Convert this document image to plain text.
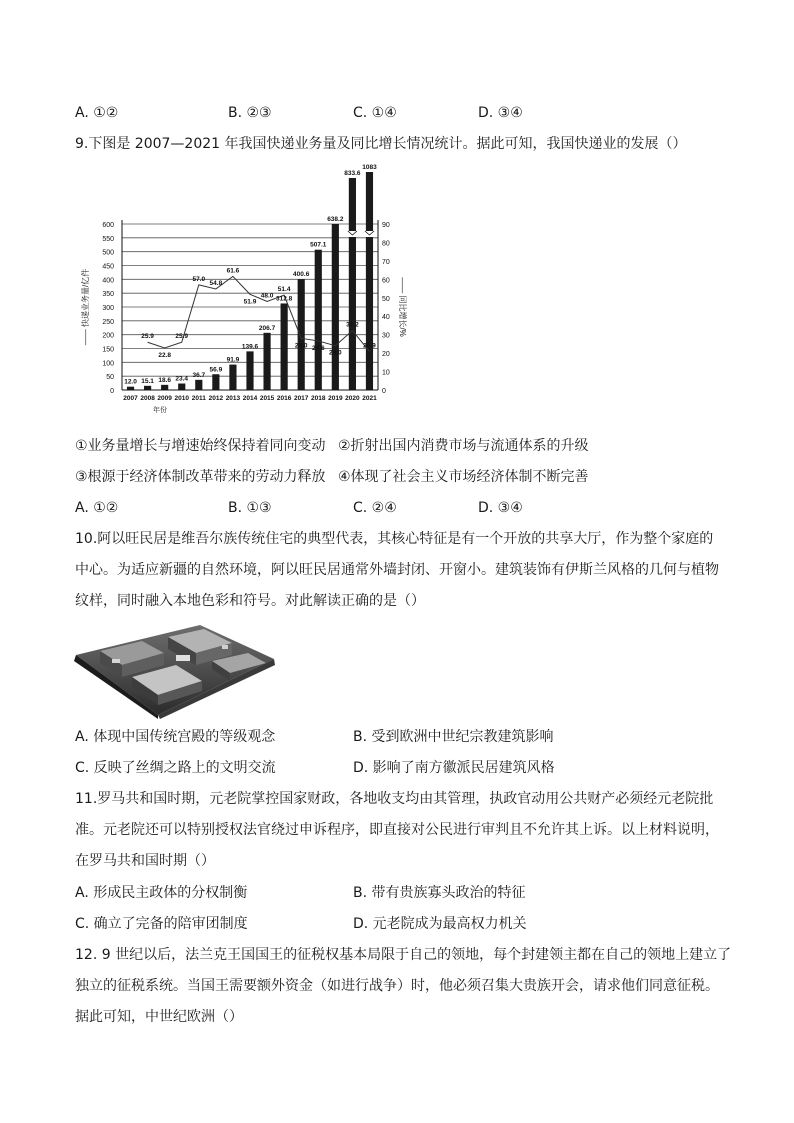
A. ①②	B. ②③	C. ①④	D. ③④
9.下图是 2007—2021 年我国快递业务量及同比增长情况统计。据此可知，我国快递业的发展（）
12.0 15.1 18.6 23.4
36.7
56.9
91.9
139.6
206.7
312.8
400.6
507.1
638.2
833.6
1083
25.9
22.8
25.9
57.0
54.8
61.6
51.9
48.0
51.4
28.0 26.6
24.0
32.2
20.9
0
50
100
150
200
250
300
350
400
450
500
550
600
0
10
20
30
40
50
60
70
80
90
2007 2008 2009 2010 2011 2012 2013 2014 2015 2016 2017 2018 2019 2020 2021
年份
—— 快递业务量/亿件	—— 同比增长/%
①业务量增长与增速始终保持着同向变动 ②折射出国内消费市场与流通体系的升级
③根源于经济体制改革带来的劳动力释放 ④体现了社会主义市场经济体制不断完善
A. ①②	B. ①③	C. ②④	D. ③④
10.阿以旺民居是维吾尔族传统住宅的典型代表，其核心特征是有一个开放的共享大厅，作为整个家庭的
中心。为适应新疆的自然环境，阿以旺民居通常外墙封闭、开窗小。建筑装饰有伊斯兰风格的几何与植物
纹样，同时融入本地色彩和符号。对此解读正确的是（）
A. 体现中国传统宫殿的等级观念	B. 受到欧洲中世纪宗教建筑影响
C. 反映了丝绸之路上的文明交流	D. 影响了南方徽派民居建筑风格
11.罗马共和国时期，元老院掌控国家财政，各地收支均由其管理，执政官动用公共财产必须经元老院批
准。元老院还可以特别授权法官绕过申诉程序，即直接对公民进行审判且不允许其上诉。以上材料说明，
在罗马共和国时期（）
A. 形成民主政体的分权制衡	B. 带有贵族寡头政治的特征
C. 确立了完备的陪审团制度	D. 元老院成为最高权力机关
12. 9 世纪以后，法兰克王国国王的征税权基本局限于自己的领地，每个封建领主都在自己的领地上建立了
独立的征税系统。当国王需要额外资金（如进行战争）时，他必须召集大贵族开会，请求他们同意征税。
据此可知，中世纪欧洲（）
